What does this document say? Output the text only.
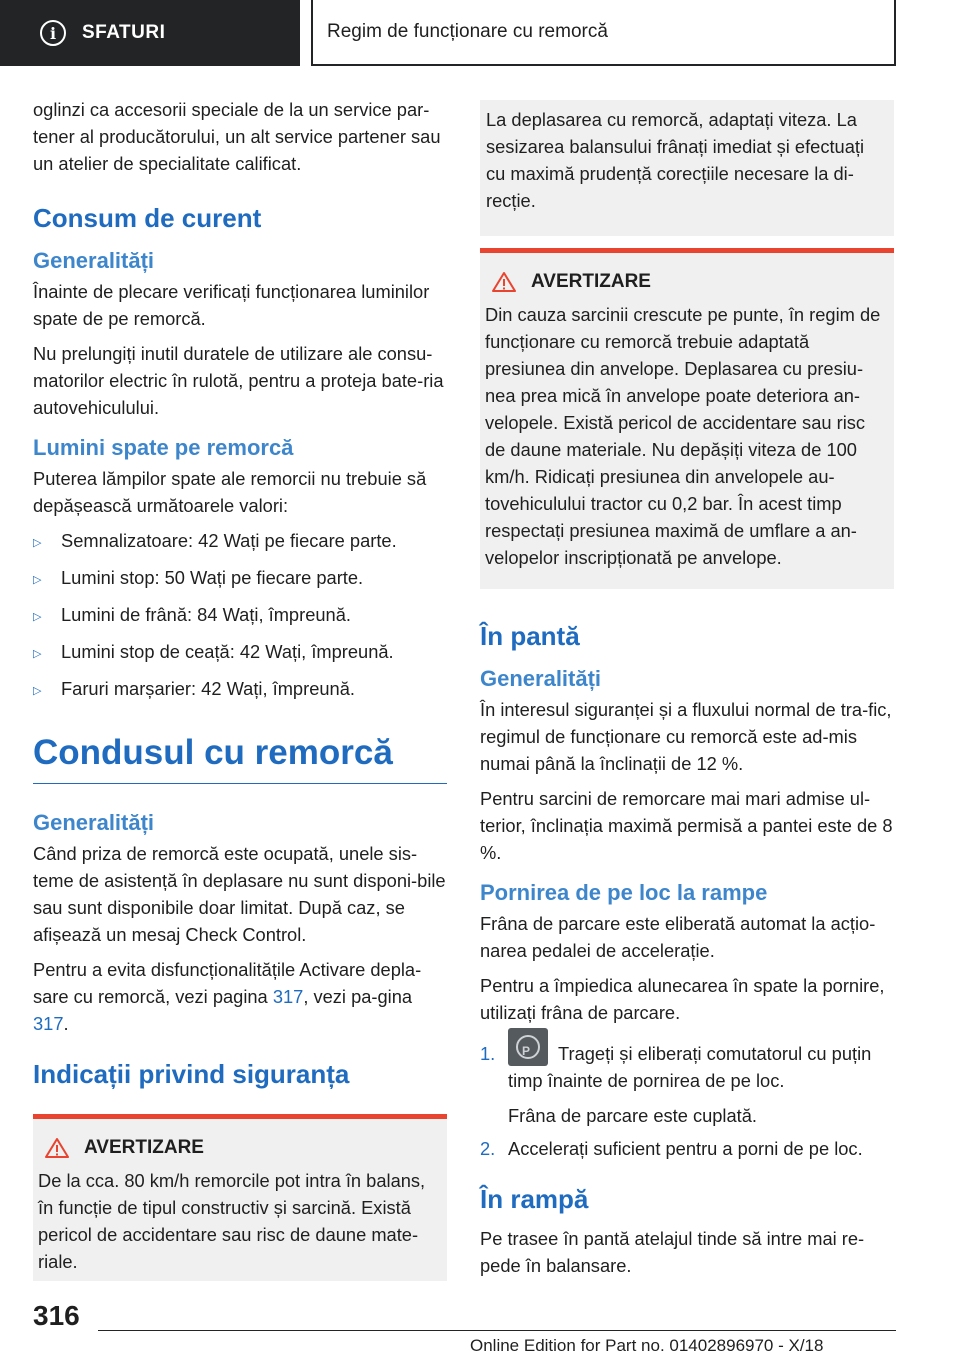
i	SFATURI	Regim de funcționare cu remorcă

oglinzi ca accesorii speciale de la un service par-tener al producătorului, un alt service partener sau un atelier de specialitate calificat.

Consum de curent
Generalități

Înainte de plecare verificați funcționarea luminilor spate de pe remorcă.

Nu prelungiți inutil duratele de utilizare ale consu-matorilor electric în rulotă, pentru a proteja bate-ria autovehiculului.

Lumini spate pe remorcă

Puterea lămpilor spate ale remorcii nu trebuie să depășească următoarele valori:

▷	Semnalizatoare: 42 Wați pe fiecare parte.
▷	Lumini stop: 50 Wați pe fiecare parte.
▷	Lumini de frână: 84 Wați, împreună.
▷	Lumini stop de ceață: 42 Wați, împreună.
▷	Faruri marșarier: 42 Wați, împreună.
Condusul cu remorcă
Generalități

Când priza de remorcă este ocupată, unele sis-teme de asistență în deplasare nu sunt disponi-bile sau sunt disponibile doar limitat. După caz, se afișează un mesaj Check Control.

Pentru a evita disfuncționalitățile Activare depla-sare cu remorcă, vezi pagina 317, vezi pa-gina 317.

Indicații privind siguranța
AVERTIZARE

De la cca. 80 km/h remorcile pot intra în balans, în funcție de tipul constructiv și sarcină. Există pericol de accidentare sau risc de daune mate-riale.

La deplasarea cu remorcă, adaptați viteza. La sesizarea balansului frânați imediat și efectuați cu maximă prudență corecțiile necesare la di-recție.

AVERTIZARE

Din cauza sarcinii crescute pe punte, în regim de funcționare cu remorcă trebuie adaptată presiunea din anvelope. Deplasarea cu presiu-nea prea mică în anvelope poate deteriora an-velopele. Există pericol de accidentare sau risc de daune materiale. Nu depășiți viteza de 100 km/h. Ridicați presiunea din anvelopele au-tovehiculului tractor cu 0,2 bar. În acest timp respectați presiunea maximă de umflare a an-velopelor inscripționată pe anvelope.

În pantă
Generalități

În interesul siguranței și a fluxului normal de tra-fic, regimul de funcționare cu remorcă este ad-mis numai până la înclinații de 12 %.

Pentru sarcini de remorcare mai mari admise ul-terior, înclinația maximă permisă a pantei este de 8 %.

Pornirea de pe loc la rampe

Frâna de parcare este eliberată automat la acțio-narea pedalei de accelerație.

Pentru a împiedica alunecarea în spate la pornire, utilizați frâna de parcare.

1.	P Trageți și eliberați comutatorul cu puțin timp înainte de pornirea de pe loc.
Frâna de parcare este cuplată.
2. Accelerați suficient pentru a porni de pe loc.
În rampă

Pe trasee în pantă atelajul tinde să intre mai re-pede în balansare.

316
Online Edition for Part no. 01402896970 - X/18
